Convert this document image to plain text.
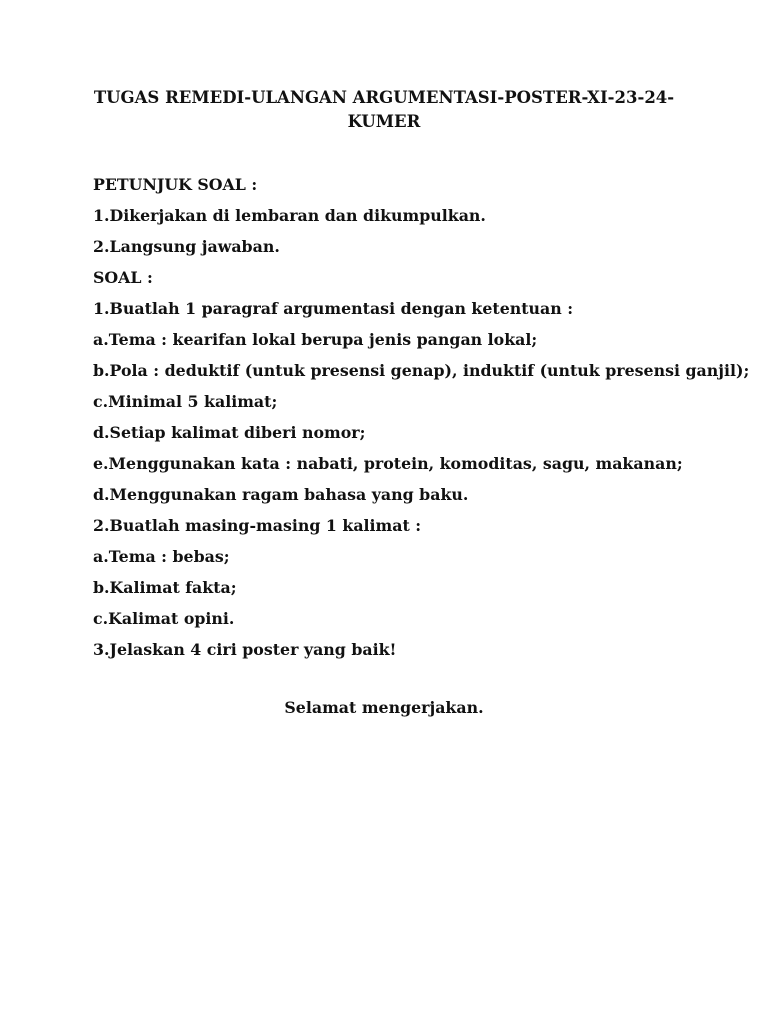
TUGAS REMEDI-ULANGAN ARGUMENTASI-POSTER-XI-23-24-
KUMER
PETUNJUK SOAL :
1.Dikerjakan di lembaran dan dikumpulkan.
2.Langsung jawaban.
SOAL :
1.Buatlah 1 paragraf argumentasi dengan ketentuan :
a.Tema : kearifan lokal berupa jenis pangan lokal;
b.Pola : deduktif (untuk presensi genap), induktif (untuk presensi ganjil);
c.Minimal 5 kalimat;
d.Setiap kalimat diberi nomor;
e.Menggunakan kata : nabati, protein, komoditas, sagu, makanan;
d.Menggunakan ragam bahasa yang baku.
2.Buatlah masing-masing 1 kalimat :
a.Tema : bebas;
b.Kalimat fakta;
c.Kalimat opini.
3.Jelaskan 4 ciri poster yang baik!

Selamat mengerjakan.
